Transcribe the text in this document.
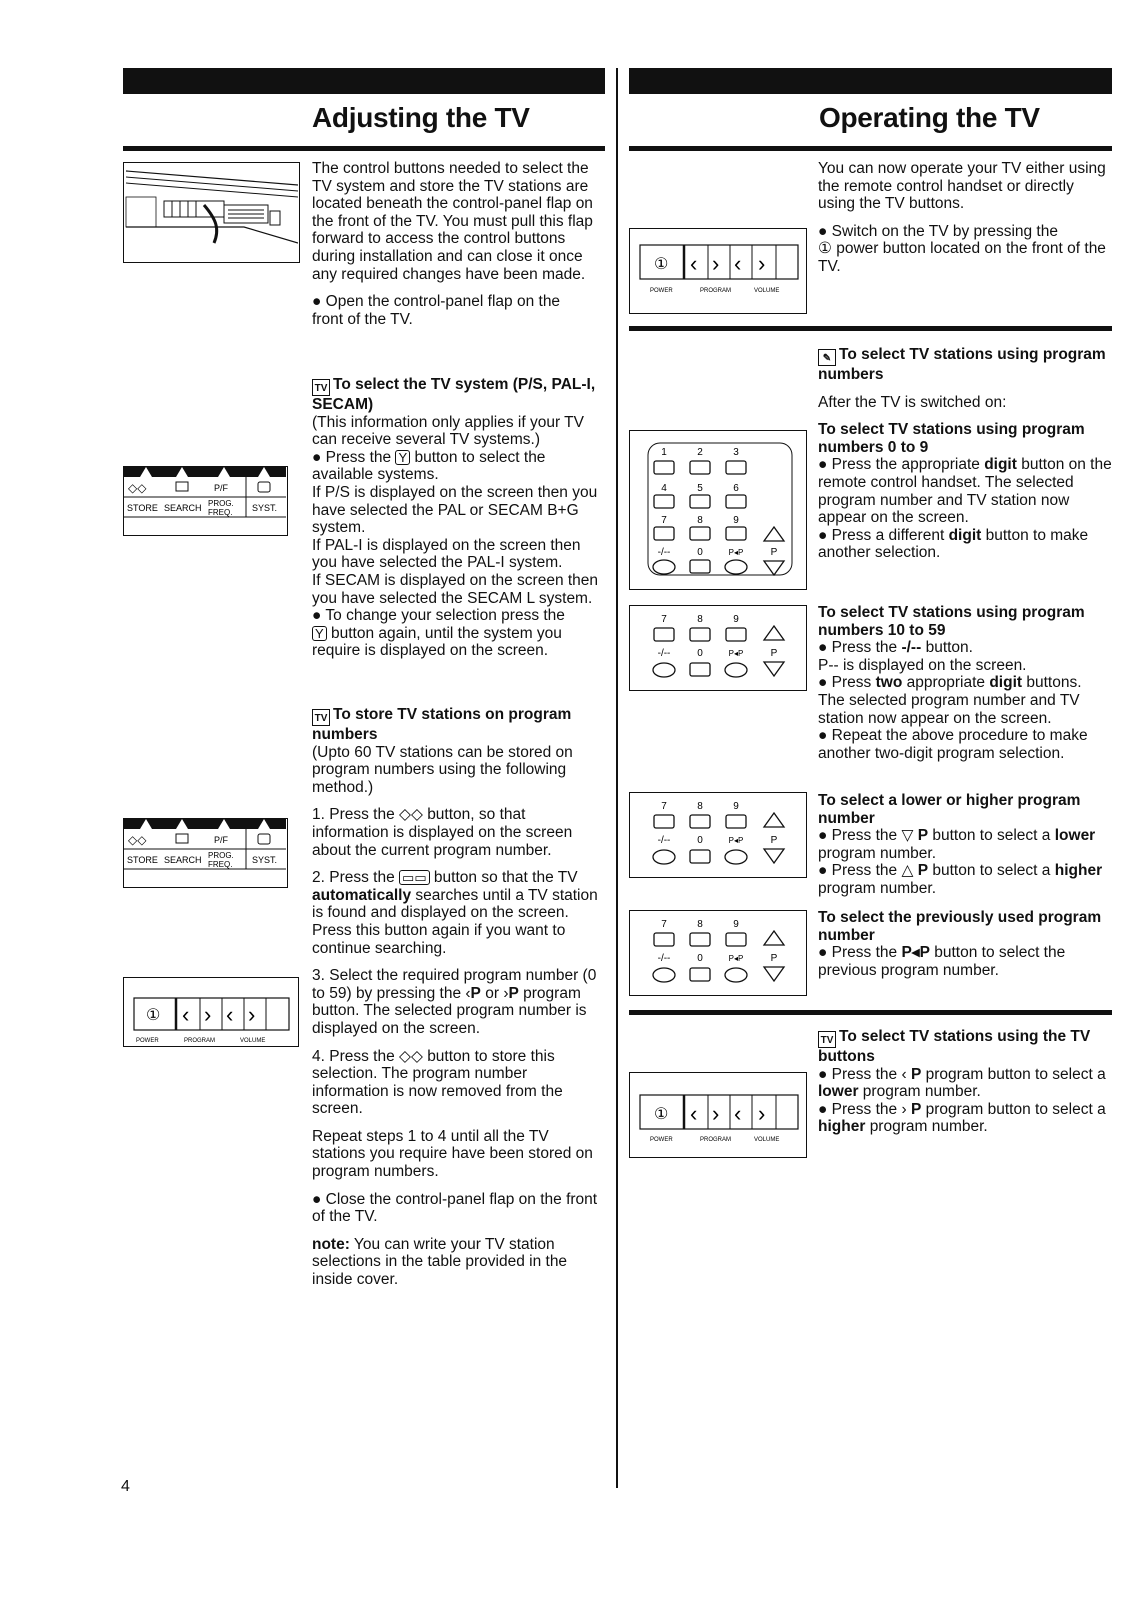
Adjusting the TV

The control buttons needed to select the TV system and store the TV stations are located beneath the control-panel flap on the front of the TV. You must pull this flap forward to access the control buttons during installation and can close it once any required changes have been made.

● Open the control-panel flap on the front of the TV.

◇◇	P/F
STORE SEARCH PROG.
FREQ. SYST.

TV To select the TV system (P/S, PAL-I, SECAM)

(This information only applies if your TV can receive several TV systems.)

● Press the Y button to select the available systems.

If P/S is displayed on the screen then you have selected the PAL or SECAM B+G system.

If PAL-I is displayed on the screen then you have selected the PAL-I system.

If SECAM is displayed on the screen then you have selected the SECAM L system.

● To change your selection press the
Y button again, until the system you require is displayed on the screen.

TV To store TV stations on program numbers

(Upto 60 TV stations can be stored on program numbers using the following method.)

1. Press the ◇◇ button, so that information is displayed on the screen about the current program number.

2. Press the ▭▭ button so that the TV automatically searches until a TV station is found and displayed on the screen. Press this button again if you want to continue searching.

3. Select the required program number (0 to 59) by pressing the ‹P or ›P program button. The selected program number is displayed on the screen.

4. Press the ◇◇ button to store this selection. The program number information is now removed from the screen.

Repeat steps 1 to 4 until all the TV stations you require have been stored on program numbers.

● Close the control-panel flap on the front of the TV.

note: You can write your TV station selections in the table provided in the inside cover.

◇◇	P/F
STORE SEARCH PROG.
FREQ. SYST.
① ‹ › ‹ ›
POWER	PROGRAM	VOLUME
Operating the TV

You can now operate your TV either using the remote control handset or directly using the TV buttons.

● Switch on the TV by pressing the
① power button located on the front of the TV.

① ‹ › ‹ ›
POWER	PROGRAM	VOLUME

✎ To select TV stations using program numbers

After the TV is switched on:

To select TV stations using program numbers 0 to 9

● Press the appropriate digit button on the remote control handset. The selected program number and TV station now appear on the screen.

● Press a different digit button to make another selection.

1	2	3
4	5	6
7	8	9
-/--	0	P◂P	P
7	8	9
-/--	0	P◂P	P

To select TV stations using program numbers 10 to 59

● Press the -/-- button.

P-- is displayed on the screen.

● Press two appropriate digit buttons. The selected program number and TV station now appear on the screen.

● Repeat the above procedure to make another two-digit program selection.

7	8	9
-/--	0	P◂P	P

To select a lower or higher program number

● Press the ▽ P button to select a lower program number.

● Press the △ P button to select a higher program number.

7	8	9
-/--	0	P◂P	P

To select the previously used program number

● Press the P◂P button to select the previous program number.

① ‹ › ‹ ›
POWER	PROGRAM	VOLUME

TV To select TV stations using the TV buttons

● Press the ‹ P program button to select a lower program number.

● Press the › P program button to select a higher program number.

4
